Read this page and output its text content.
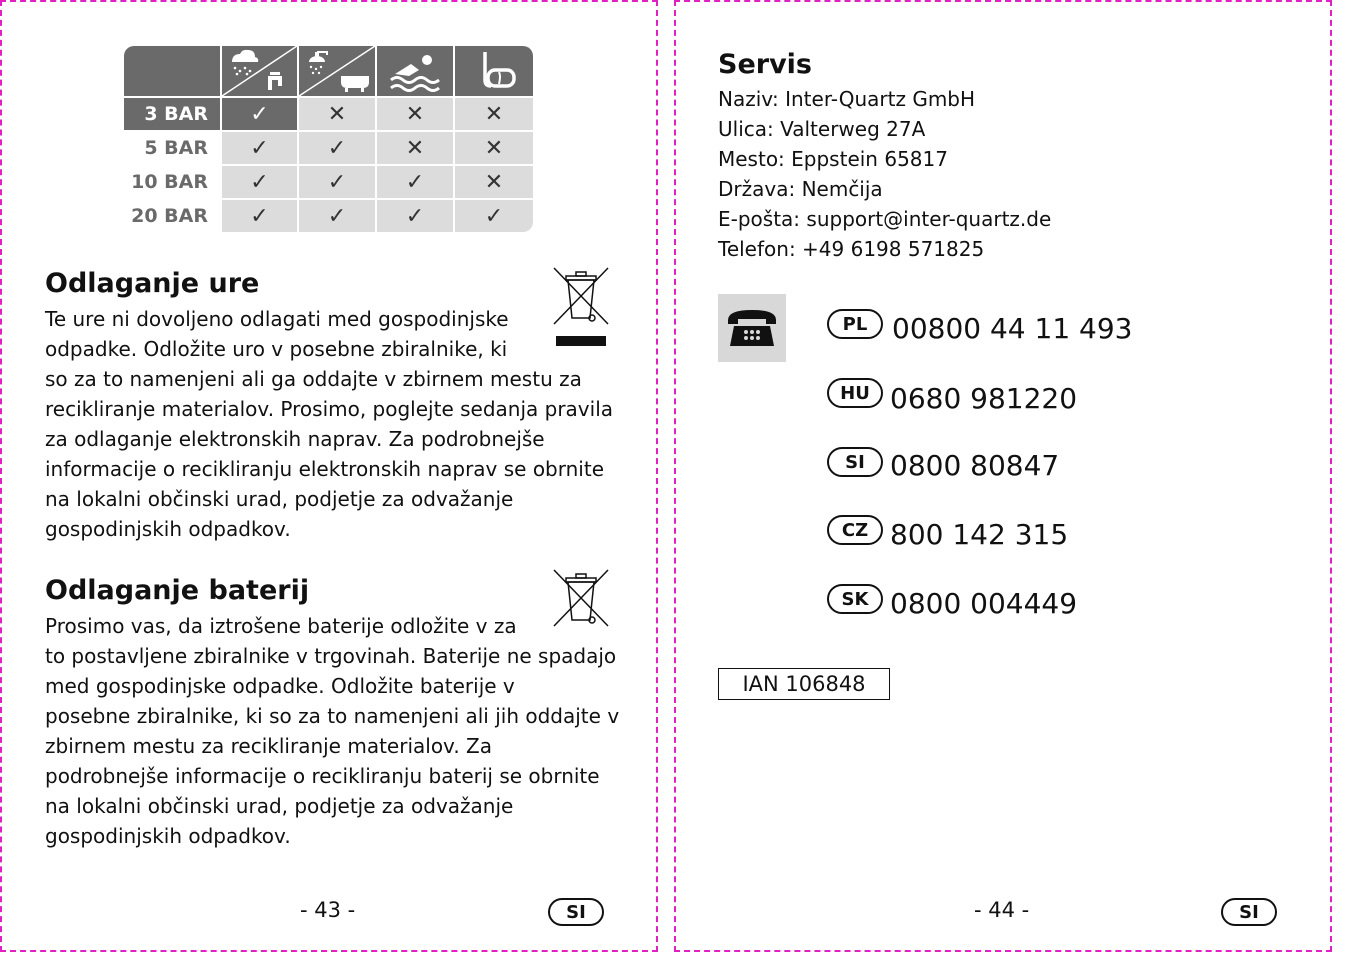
3 BAR	✓	✕	✕	✕
5 BAR	✓	✓	✕	✕
10 BAR	✓	✓	✓	✕
20 BAR	✓	✓	✓	✓
Odlaganje ure
Te ure ni dovoljeno odlagati med gospodinjske
odpadke. Odložite uro v posebne zbiralnike, ki
so za to namenjeni ali ga oddajte v zbirnem mestu za
recikliranje materialov. Prosimo, poglejte sedanja pravila
za odlaganje elektronskih naprav. Za podrobnejše
informacije o recikliranju elektronskih naprav se obrnite
na lokalni občinski urad, podjetje za odvažanje
gospodinjskih odpadkov.
Odlaganje baterij
Prosimo vas, da iztrošene baterije odložite v za
to postavljene zbiralnike v trgovinah. Baterije ne spadajo
med gospodinjske odpadke. Odložite baterije v
posebne zbiralnike, ki so za to namenjeni ali jih oddajte v
zbirnem mestu za recikliranje materialov. Za
podrobnejše informacije o recikliranju baterij se obrnite
na lokalni občinski urad, podjetje za odvažanje
gospodinjskih odpadkov.
- 43 -	SI
Servis
Naziv: Inter-Quartz GmbH
Ulica: Valterweg 27A
Mesto: Eppstein 65817
Država: Nemčija
E-pošta: support@inter-quartz.de
Telefon: +49 6198 571825
PL 00800 44 11 493
HU 0680 981220
SI 0800 80847
CZ 800 142 315
SK 0800 004449
IAN 106848
- 44 -	SI
